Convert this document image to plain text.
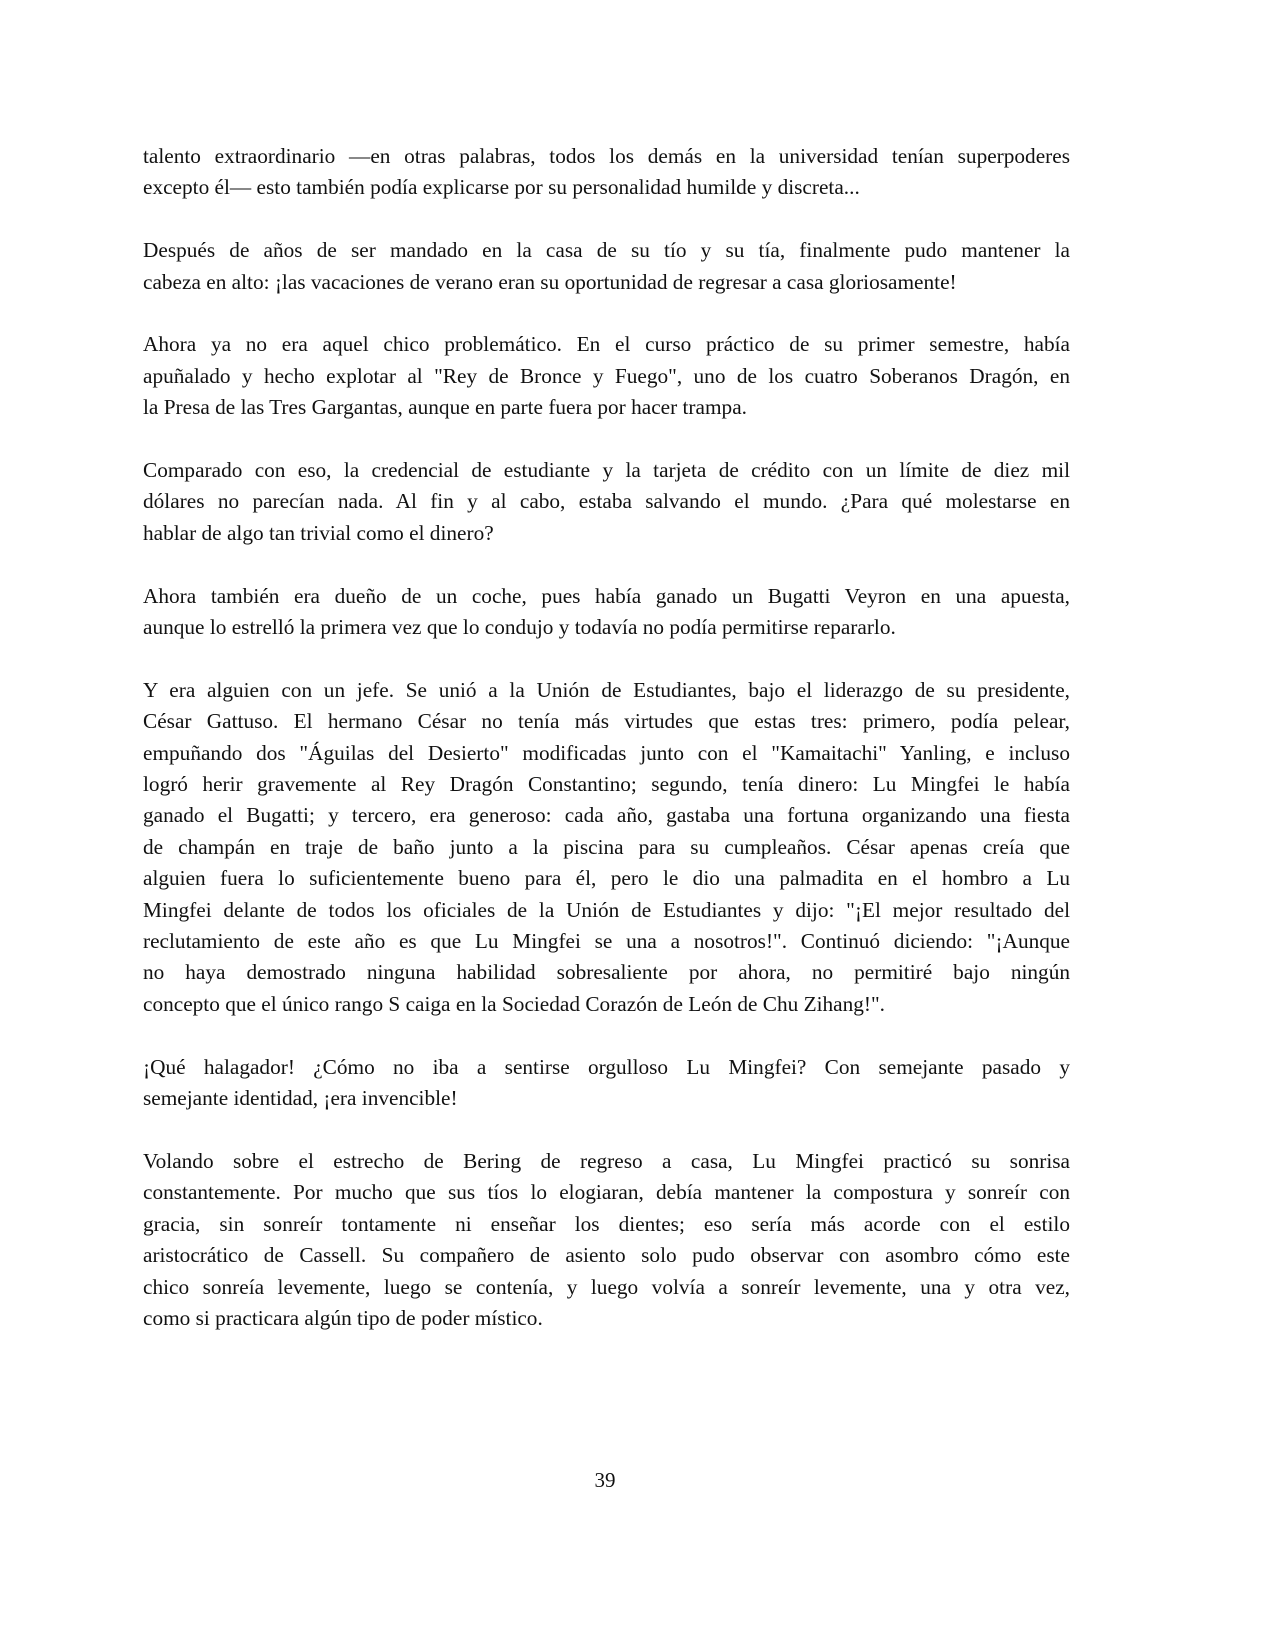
talento extraordinario —en otras palabras, todos los demás en la universidad tenían superpoderes
excepto él— esto también podía explicarse por su personalidad humilde y discreta...
Después de años de ser mandado en la casa de su tío y su tía, finalmente pudo mantener la
cabeza en alto: ¡las vacaciones de verano eran su oportunidad de regresar a casa gloriosamente!
Ahora ya no era aquel chico problemático. En el curso práctico de su primer semestre, había
apuñalado y hecho explotar al "Rey de Bronce y Fuego", uno de los cuatro Soberanos Dragón, en
la Presa de las Tres Gargantas, aunque en parte fuera por hacer trampa.
Comparado con eso, la credencial de estudiante y la tarjeta de crédito con un límite de diez mil
dólares no parecían nada. Al fin y al cabo, estaba salvando el mundo. ¿Para qué molestarse en
hablar de algo tan trivial como el dinero?
Ahora también era dueño de un coche, pues había ganado un Bugatti Veyron en una apuesta,
aunque lo estrelló la primera vez que lo condujo y todavía no podía permitirse repararlo.
Y era alguien con un jefe. Se unió a la Unión de Estudiantes, bajo el liderazgo de su presidente,
César Gattuso. El hermano César no tenía más virtudes que estas tres: primero, podía pelear,
empuñando dos "Águilas del Desierto" modificadas junto con el "Kamaitachi" Yanling, e incluso
logró herir gravemente al Rey Dragón Constantino; segundo, tenía dinero: Lu Mingfei le había
ganado el Bugatti; y tercero, era generoso: cada año, gastaba una fortuna organizando una fiesta
de champán en traje de baño junto a la piscina para su cumpleaños. César apenas creía que
alguien fuera lo suficientemente bueno para él, pero le dio una palmadita en el hombro a Lu
Mingfei delante de todos los oficiales de la Unión de Estudiantes y dijo: "¡El mejor resultado del
reclutamiento de este año es que Lu Mingfei se una a nosotros!". Continuó diciendo: "¡Aunque
no haya demostrado ninguna habilidad sobresaliente por ahora, no permitiré bajo ningún
concepto que el único rango S caiga en la Sociedad Corazón de León de Chu Zihang!".
¡Qué halagador! ¿Cómo no iba a sentirse orgulloso Lu Mingfei? Con semejante pasado y
semejante identidad, ¡era invencible!
Volando sobre el estrecho de Bering de regreso a casa, Lu Mingfei practicó su sonrisa
constantemente. Por mucho que sus tíos lo elogiaran, debía mantener la compostura y sonreír con
gracia, sin sonreír tontamente ni enseñar los dientes; eso sería más acorde con el estilo
aristocrático de Cassell. Su compañero de asiento solo pudo observar con asombro cómo este
chico sonreía levemente, luego se contenía, y luego volvía a sonreír levemente, una y otra vez,
como si practicara algún tipo de poder místico.
39
